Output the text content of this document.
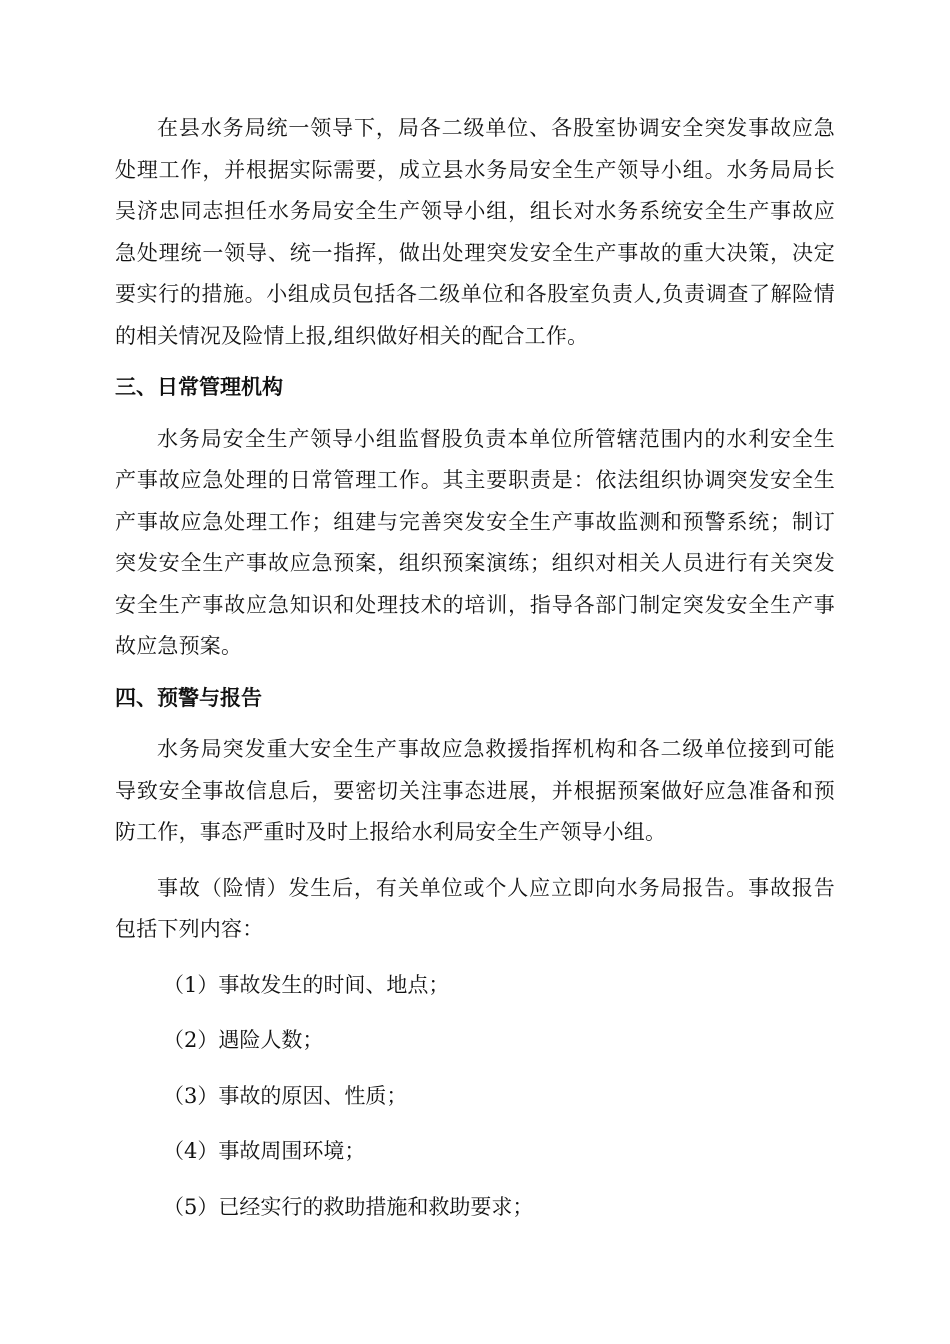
在县水务局统一领导下，局各二级单位、各股室协调安全突发事故应急处理工作，并根据实际需要，成立县水务局安全生产领导小组。水务局局长吴济忠同志担任水务局安全生产领导小组，组长对水务系统安全生产事故应急处理统一领导、统一指挥，做出处理突发安全生产事故的重大决策，决定要实行的措施。小组成员包括各二级单位和各股室负责人,负责调查了解险情的相关情况及险情上报,组织做好相关的配合工作。

三、日常管理机构

水务局安全生产领导小组监督股负责本单位所管辖范围内的水利安全生产事故应急处理的日常管理工作。其主要职责是：依法组织协调突发安全生产事故应急处理工作；组建与完善突发安全生产事故监测和预警系统；制订突发安全生产事故应急预案，组织预案演练；组织对相关人员进行有关突发安全生产事故应急知识和处理技术的培训，指导各部门制定突发安全生产事故应急预案。

四、预警与报告

水务局突发重大安全生产事故应急救援指挥机构和各二级单位接到可能导致安全事故信息后，要密切关注事态进展，并根据预案做好应急准备和预防工作，事态严重时及时上报给水利局安全生产领导小组。

事故（险情）发生后，有关单位或个人应立即向水务局报告。事故报告包括下列内容：

（1）事故发生的时间、地点；

（2）遇险人数；

（3）事故的原因、性质；

（4）事故周围环境；

（5）已经实行的救助措施和救助要求；
